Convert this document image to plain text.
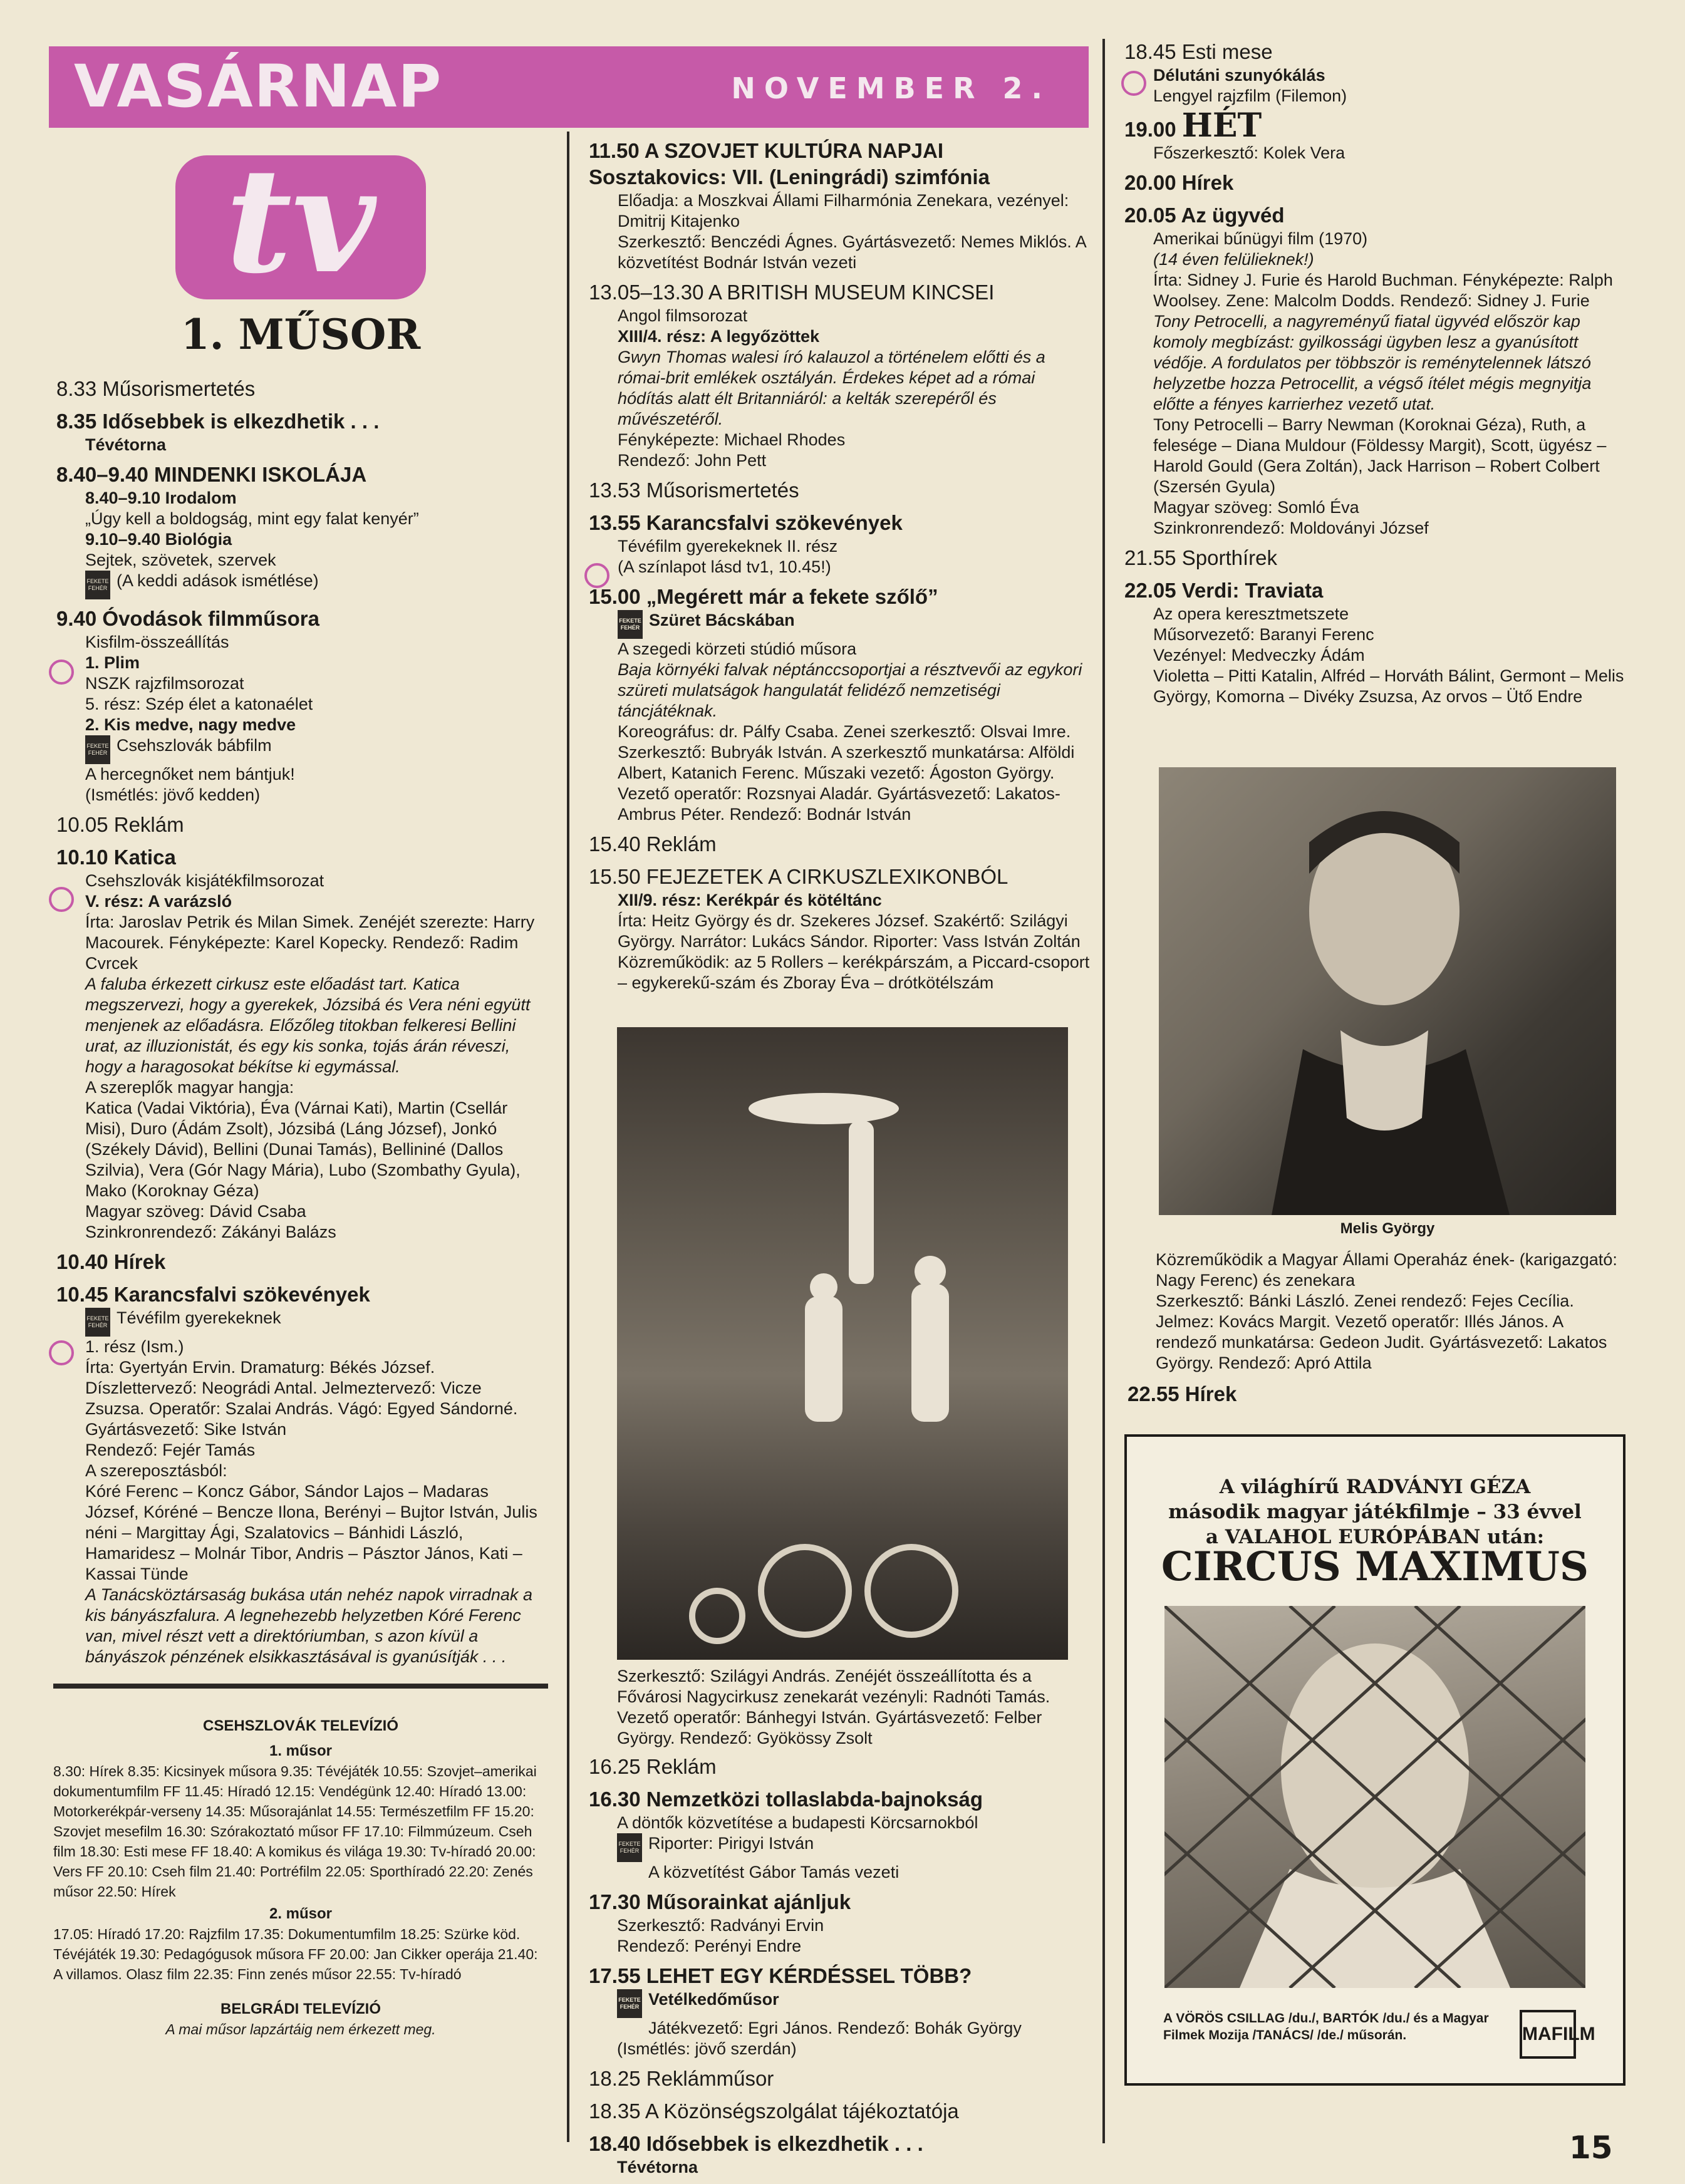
VASÁRNAP	NOVEMBER 2.
tv
1. MŰSOR
8.33 Műsorismertetés
8.35 Idősebbek is elkezdhetik . . .
Tévétorna
8.40–9.40 MINDENKI ISKOLÁJA
8.40–9.10 Irodalom
„Úgy kell a boldogság, mint egy falat kenyér”
9.10–9.40 Biológia
Sejtek, szövetek, szervek
FEKETE FEHÉR (A keddi adások ismétlése)
9.40 Óvodások filmműsora
Kisfilm-összeállítás
1. Plim
NSZK rajzfilmsorozat
5. rész: Szép élet a katonaélet
2. Kis medve, nagy medve
FEKETE FEHÉR Csehszlovák bábfilm
A hercegnőket nem bántjuk!
(Ismétlés: jövő kedden)
10.05 Reklám
10.10 Katica
Csehszlovák kisjátékfilmsorozat
V. rész: A varázsló
Írta: Jaroslav Petrik és Milan Simek. Zenéjét szerezte: Harry Macourek. Fényképezte: Karel Kopecky. Rendező: Radim Cvrcek
A faluba érkezett cirkusz este előadást tart. Katica megszervezi, hogy a gyerekek, Józsibá és Vera néni együtt menjenek az előadásra. Előzőleg titokban felkeresi Bellini urat, az illuzionistát, és egy kis sonka, tojás árán réveszi, hogy a haragosokat békítse ki egymással.
A szereplők magyar hangja:
Katica (Vadai Viktória), Éva (Várnai Kati), Martin (Csellár Misi), Duro (Ádám Zsolt), Józsibá (Láng József), Jonkó (Székely Dávid), Bellini (Dunai Tamás), Bellininé (Dallos Szilvia), Vera (Gór Nagy Mária), Lubo (Szombathy Gyula), Mako (Koroknay Géza)
Magyar szöveg: Dávid Csaba
Szinkronrendező: Zákányi Balázs
10.40 Hírek
10.45 Karancsfalvi szökevények
FEKETE FEHÉR Tévéfilm gyerekeknek
1. rész (Ism.)
Írta: Gyertyán Ervin. Dramaturg: Békés József. Díszlettervező: Neográdi Antal. Jelmeztervező: Vicze Zsuzsa. Operatőr: Szalai András. Vágó: Egyed Sándorné. Gyártásvezető: Sike István
Rendező: Fejér Tamás
A szereposztásból:
Kóré Ferenc – Koncz Gábor, Sándor Lajos – Madaras József, Kóréné – Bencze Ilona, Berényi – Bujtor István, Julis néni – Margittay Ági, Szalatovics – Bánhidi László, Hamaridesz – Molnár Tibor, Andris – Pásztor János, Kati – Kassai Tünde
A Tanácsköztársaság bukása után nehéz napok virradnak a kis bányászfalura. A legnehezebb helyzetben Kóré Ferenc van, mivel részt vett a direktóriumban, s azon kívül a bányászok pénzének elsikkasztásával is gyanúsítják . . .
CSEHSZLOVÁK TELEVÍZIÓ
1. műsor
8.30: Hírek 8.35: Kicsinyek műsora 9.35: Tévéjáték 10.55: Szovjet–amerikai dokumentumfilm FF 11.45: Híradó 12.15: Vendégünk 12.40: Híradó 13.00: Motorkerékpár-verseny 14.35: Műsorajánlat 14.55: Természetfilm FF 15.20: Szovjet mesefilm 16.30: Szórakoztató műsor FF 17.10: Filmmúzeum. Cseh film 18.30: Esti mese FF 18.40: A komikus és világa 19.30: Tv-híradó 20.00: Vers FF 20.10: Cseh film 21.40: Portréfilm 22.05: Sporthíradó 22.20: Zenés műsor 22.50: Hírek
2. műsor
17.05: Híradó 17.20: Rajzfilm 17.35: Dokumentumfilm 18.25: Szürke köd. Tévéjáték 19.30: Pedagógusok műsora FF 20.00: Jan Cikker operája 21.40: A villamos. Olasz film 22.35: Finn zenés műsor 22.55: Tv-híradó
BELGRÁDI TELEVÍZIÓ
A mai műsor lapzártáig nem érkezett meg.
11.50 A SZOVJET KULTÚRA NAPJAI
Sosztakovics: VII. (Leningrádi) szimfónia
Előadja: a Moszkvai Állami Filharmónia Zenekara, vezényel: Dmitrij Kitajenko
Szerkesztő: Benczédi Ágnes. Gyártásvezető: Nemes Miklós. A közvetítést Bodnár István vezeti
13.05–13.30 A BRITISH MUSEUM KINCSEI
Angol filmsorozat
XIII/4. rész: A legyőzöttek
Gwyn Thomas walesi író kalauzol a történelem előtti és a római-brit emlékek osztályán. Érdekes képet ad a római hódítás alatt élt Britanniáról: a kelták szerepéről és művészetéről.
Fényképezte: Michael Rhodes
Rendező: John Pett
13.53 Műsorismertetés
13.55 Karancsfalvi szökevények
Tévéfilm gyerekeknek II. rész
(A színlapot lásd tv1, 10.45!)
15.00 „Megérett már a fekete szőlő”
FEKETE FEHÉR Szüret Bácskában
A szegedi körzeti stúdió műsora
Baja környéki falvak néptáncсsoportjai a résztvevői az egykori szüreti mulatságok hangulatát felidéző nemzetiségi táncjátéknak.
Koreográfus: dr. Pálfy Csaba. Zenei szerkesztő: Olsvai Imre. Szerkesztő: Bubryák István. A szerkesztő munkatársa: Alföldi Albert, Katanich Ferenc. Műszaki vezető: Ágoston György. Vezető operatőr: Rozsnyai Aladár. Gyártásvezető: Lakatos-Ambrus Péter. Rendező: Bodnár István
15.40 Reklám
15.50 FEJEZETEK A CIRKUSZLEXIKONBÓL
XII/9. rész: Kerékpár és kötéltánc
Írta: Heitz György és dr. Szekeres József. Szakértő: Szilágyi György. Narrátor: Lukács Sándor. Riporter: Vass István Zoltán
Közreműködik: az 5 Rollers – kerékpárszám, a Piccard-csoport – egykerekű-szám és Zboray Éva – drótkötélszám
Szerkesztő: Szilágyi András. Zenéjét összeállította és a Fővárosi Nagycirkusz zenekarát vezényli: Radnóti Tamás. Vezető operatőr: Bánhegyi István. Gyártásvezető: Felber György. Rendező: Gyökössy Zsolt
16.25 Reklám
16.30 Nemzetközi tollaslabda-bajnokság
A döntők közvetítése a budapesti Körcsarnokból
FEKETE FEHÉR Riporter: Pirigyi István
A közvetítést Gábor Tamás vezeti
17.30 Műsorainkat ajánljuk
Szerkesztő: Radványi Ervin
Rendező: Perényi Endre
17.55 LEHET EGY KÉRDÉSSEL TÖBB?
FEKETE FEHÉR Vetélkedőműsor
Játékvezető: Egri János. Rendező: Bohák György
(Ismétlés: jövő szerdán)
18.25 Reklámműsor
18.35 A Közönségszolgálat tájékoztatója
18.40 Idősebbek is elkezdhetik . . .
Tévétorna
18.45 Esti mese
Délutáni szunyókálás
Lengyel rajzfilm (Filemon)
19.00 HÉT
Főszerkesztő: Kolek Vera
20.00 Hírek
20.05 Az ügyvéd
Amerikai bűnügyi film (1970)
(14 éven felülieknek!)
Írta: Sidney J. Furie és Harold Buchman. Fényképezte: Ralph Woolsey. Zene: Malcolm Dodds. Rendező: Sidney J. Furie
Tony Petrocelli, a nagyreményű fiatal ügyvéd először kap komoly megbízást: gyilkossági ügyben lesz a gyanúsított védője. A fordulatos per többször is reménytelennek látszó helyzetbe hozza Petrocellit, a végső ítélet mégis megnyitja előtte a fényes karrierhez vezető utat.
Tony Petrocelli – Barry Newman (Koroknai Géza), Ruth, a felesége – Diana Muldour (Földessy Margit), Scott, ügyész – Harold Gould (Gera Zoltán), Jack Harrison – Robert Colbert (Szersén Gyula)
Magyar szöveg: Somló Éva
Szinkronrendező: Moldoványi József
21.55 Sporthírek
22.05 Verdi: Traviata
Az opera keresztmetszete
Műsorvezető: Baranyi Ferenc
Vezényel: Medveczky Ádám
Violetta – Pitti Katalin, Alfréd – Horváth Bálint, Germont – Melis György, Komorna – Divéky Zsuzsa, Az orvos – Ütő Endre
Melis György
Közreműködik a Magyar Állami Operaház ének- (karigazgató: Nagy Ferenc) és zenekara
Szerkesztő: Bánki László. Zenei rendező: Fejes Cecília. Jelmez: Kovács Margit. Vezető operatőr: Illés János. A rendező munkatársa: Gedeon Judit. Gyártásvezető: Lakatos György. Rendező: Apró Attila
22.55 Hírek
A világhírű RADVÁNYI GÉZA
második magyar játékfilmje – 33 évvel
a VALAHOL EURÓPÁBAN után:
CIRCUS MAXIMUS
A VÖRÖS CSILLAG /du./, BARTÓK /du./ és a Magyar Filmek Mozija /TANÁCS/ /de./ műsorán.	MAFILM
15
